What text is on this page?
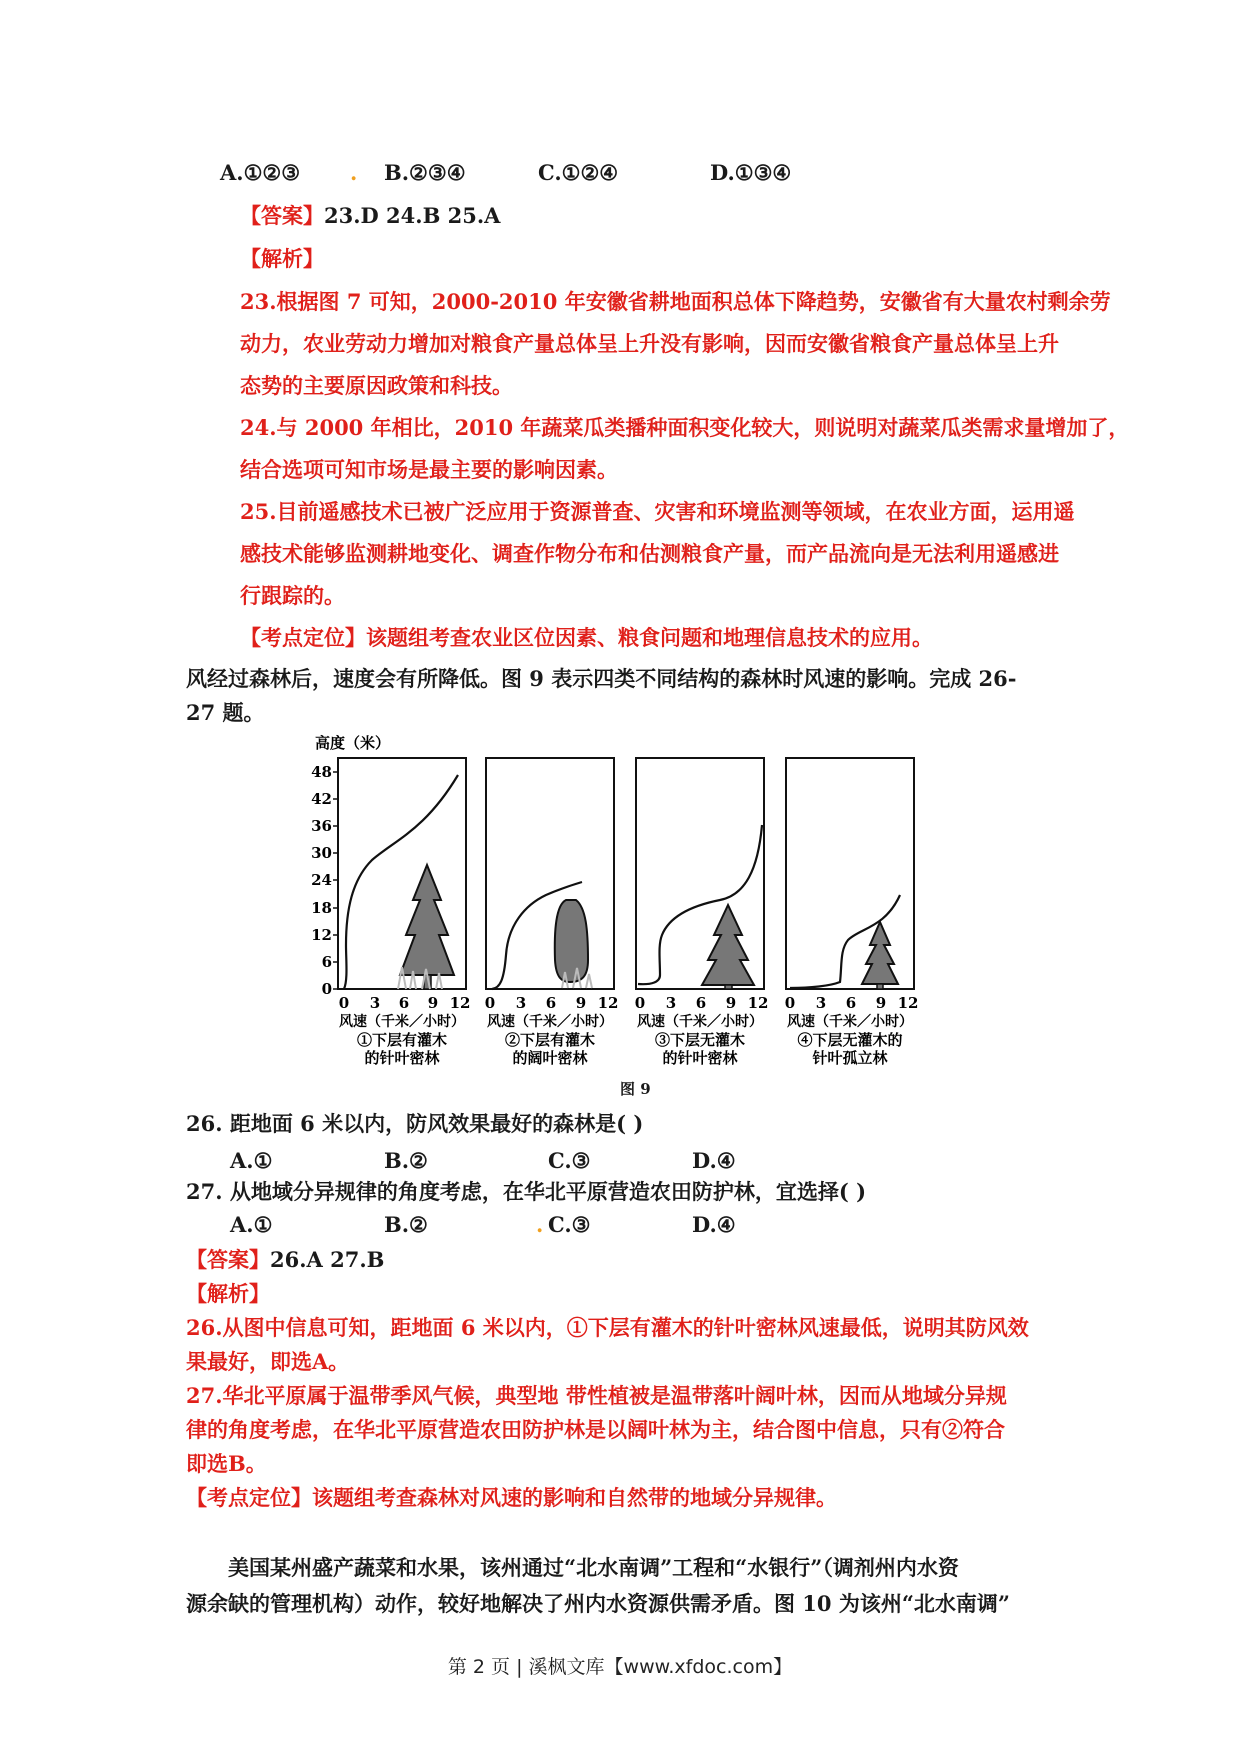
A.①②③ . B.②③④	C.①②④	D.①③④
【答案】23.D 24.B 25.A
【解析】
23.根据图 7 可知，2000-2010 年安徽省耕地面积总体下降趋势，安徽省有大量农村剩余劳
动力，农业劳动力增加对粮食产量总体呈上升没有影响，因而安徽省粮食产量总体呈上升
态势的主要原因政策和科技。
24.与 2000 年相比，2010 年蔬菜瓜类播种面积变化较大，则说明对蔬菜瓜类需求量增加了，
结合选项可知市场是最主要的影响因素。
25.目前遥感技术已被广泛应用于资源普查、灾害和环境监测等领域，在农业方面，运用遥
感技术能够监测耕地变化、调查作物分布和估测粮食产量，而产品流向是无法利用遥感进
行跟踪的。
【考点定位】该题组考查农业区位因素、粮食问题和地理信息技术的应用。
风经过森林后，速度会有所降低。图 9 表示四类不同结构的森林时风速的影响。完成 26-
27 题。
高度（米）
0
6
12
18
24
30
36
42
48
0 3 6 9 12 0 3 6 9 12 0 3 6 9 12 0 3 6 9 12
风速（千米／小时） 风速（千米／小时） 风速（千米／小时） 风速（千米／小时）
①下层有灌木
的针叶密林
②下层有灌木
的阔叶密林
③下层无灌木
的针叶密林
④下层无灌木的
针叶孤立林
图 9
26. 距地面 6 米以内，防风效果最好的森林是( )
A.①	B.②	C.③	D.④
27. 从地域分异规律的角度考虑，在华北平原营造农田防护林，宜选择( )
A.①	B.②	. C.③	D.④
【答案】26.A 27.B
【解析】
26.从图中信息可知，距地面 6 米以内，①下层有灌木的针叶密林风速最低，说明其防风效
果最好，即选A。
27.华北平原属于温带季风气候，典型地 带性植被是温带落叶阔叶林，因而从地域分异规
律的角度考虑，在华北平原营造农田防护林是以阔叶林为主，结合图中信息，只有②符合
即选B。
【考点定位】该题组考查森林对风速的影响和自然带的地域分异规律。
美国某州盛产蔬菜和水果，该州通过“北水南调”工程和“水银行”（调剂州内水资
源余缺的管理机构）动作，较好地解决了州内水资源供需矛盾。图 10 为该州“北水南调”
第 2 页 | 溪枫文库【www.xfdoc.com】
